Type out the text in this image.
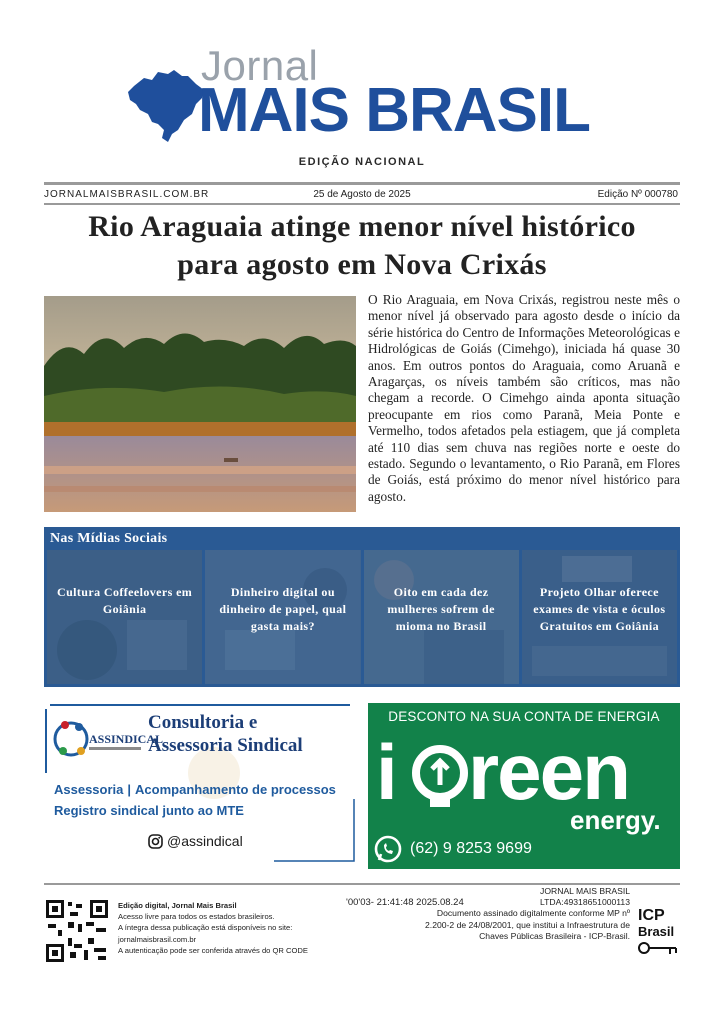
Jornal
MAIS BRASIL
EDIÇÃO NACIONAL
JORNALMAISBRASIL.COM.BR	25 de Agosto de 2025	Edição Nº 000780
Rio Araguaia atinge menor nível histórico
para agosto em Nova Crixás

O Rio Araguaia, em Nova Crixás, registrou neste mês o menor nível já observado para agosto desde o início da série histórica do Centro de Informações Meteorológicas e Hidrológicas de Goiás (Cimehgo), iniciada há quase 30 anos. Em outros pontos do Araguaia, como Aruanã e Aragarças, os níveis também são críticos, mas não chegam a recorde. O Cimehgo ainda aponta situação preocupante em rios como Paranã, Meia Ponte e Vermelho, todos afetados pela estiagem, que já completa até 110 dias sem chuva nas regiões norte e oeste do estado. Segundo o levantamento, o Rio Paranã, em Flores de Goiás, está próximo do menor nível histórico para agosto.

Nas Mídias Sociais
Cultura Coffeelovers em Goiânia
Dinheiro digital ou dinheiro de papel, qual gasta mais?
Oito em cada dez mulheres sofrem de mioma no Brasil
Projeto Olhar oferece exames de vista e óculos Gratuitos em Goiânia
ASSINDICAL
Consultoria e
Assessoria Sindical
Assessoria | Acompanhamento de processos
Registro sindical junto ao MTE
@assindical
DESCONTO NA SUA CONTA DE ENERGIA
i reen
energy.
(62) 9 8253 9699
Edição digital, Jornal Mais Brasil
Acesso livre para todos os estados brasileiros.
A íntegra dessa publicação está disponíveis no site:
jornalmaisbrasil.com.br
A autenticação pode ser conferida através do QR CODE
'00'03- 21:41:48 2025.08.24
JORNAL MAIS BRASIL
LTDA:49318651000113
Documento assinado digitalmente conforme MP nº
2.200-2 de 24/08/2001, que institui a Infraestrutura de
Chaves Públicas Brasileira - ICP-Brasil.
ICP
Brasil
